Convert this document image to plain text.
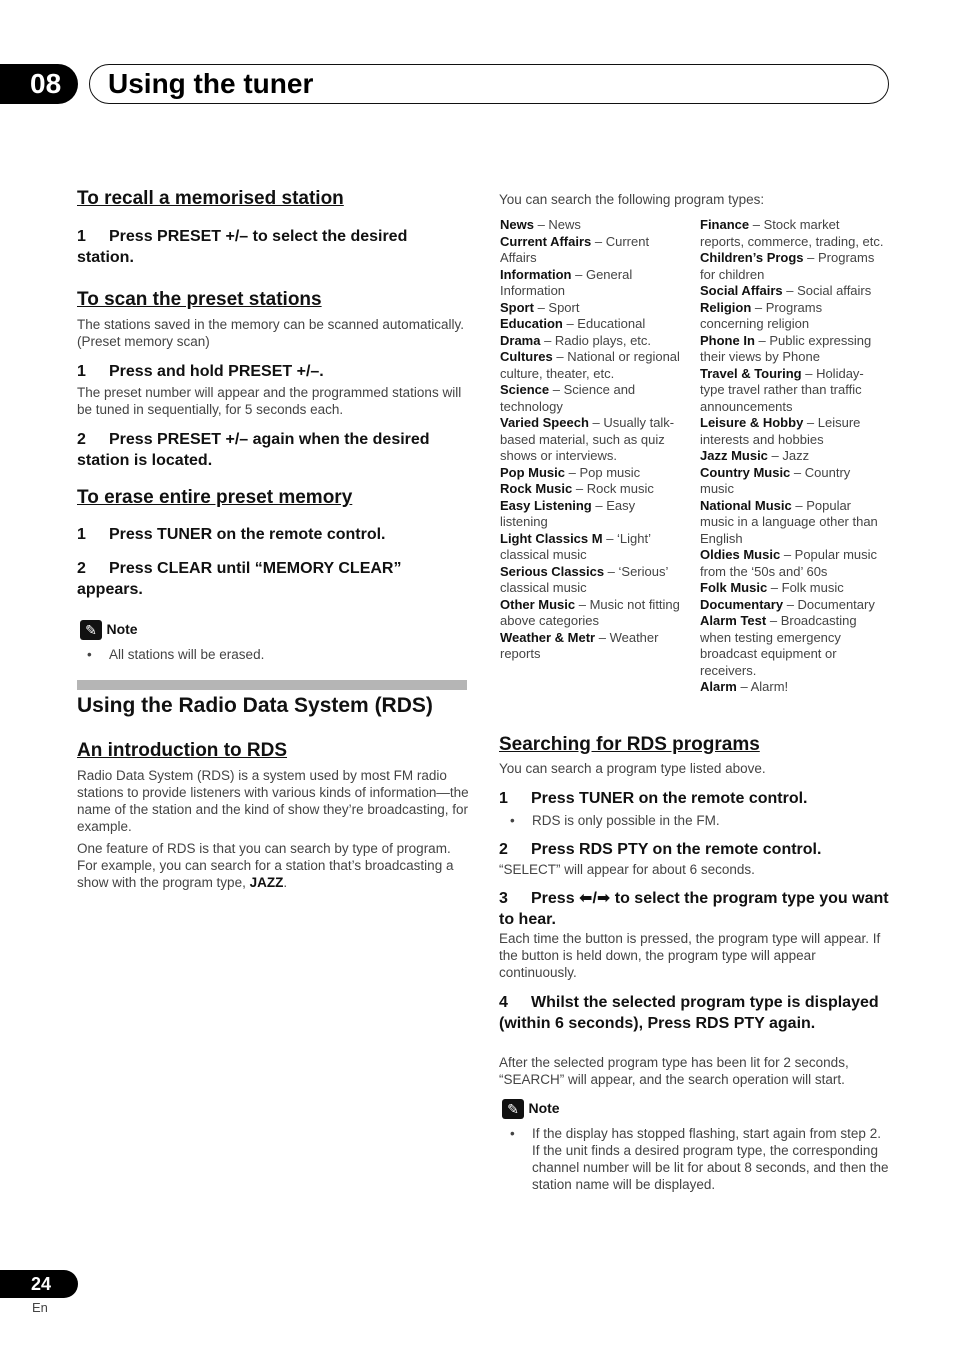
08	Using the tuner
To recall a memorised station
1 Press PRESET +/– to select the desired station.
To scan the preset stations
The stations saved in the memory can be scanned automatically. (Preset memory scan)
1 Press and hold PRESET +/–.
The preset number will appear and the programmed stations will be tuned in sequentially, for 5 seconds each.
2 Press PRESET +/– again when the desired station is located.
To erase entire preset memory
1 Press TUNER on the remote control.
2 Press CLEAR until “MEMORY CLEAR” appears.
✎ Note
• All stations will be erased.
Using the Radio Data System (RDS)
An introduction to RDS
Radio Data System (RDS) is a system used by most FM radio stations to provide listeners with various kinds of information—the name of the station and the kind of show they’re broadcasting, for example.
One feature of RDS is that you can search by type of program. For example, you can search for a station that’s broadcasting a show with the program type, JAZZ.
You can search the following program types:
News – News
Current Affairs – Current Affairs
Information – General Information
Sport – Sport
Education – Educational
Drama – Radio plays, etc.
Cultures – National or regional culture, theater, etc.
Science – Science and technology
Varied Speech – Usually talk-based material, such as quiz shows or interviews.
Pop Music – Pop music
Rock Music – Rock music
Easy Listening – Easy listening
Light Classics M – ‘Light’ classical music
Serious Classics – ‘Serious’ classical music
Other Music – Music not fitting above categories
Weather & Metr – Weather reports
Finance – Stock market reports, commerce, trading, etc.
Children’s Progs – Programs for children
Social Affairs – Social affairs
Religion – Programs concerning religion
Phone In – Public expressing their views by Phone
Travel & Touring – Holiday-type travel rather than traffic announcements
Leisure & Hobby – Leisure interests and hobbies
Jazz Music – Jazz
Country Music – Country music
National Music – Popular music in a language other than English
Oldies Music – Popular music from the ‘50s and’ 60s
Folk Music – Folk music
Documentary – Documentary
Alarm Test – Broadcasting when testing emergency broadcast equipment or receivers.
Alarm – Alarm!
Searching for RDS programs
You can search a program type listed above.
1 Press TUNER on the remote control.
• RDS is only possible in the FM.
2 Press RDS PTY on the remote control.
“SELECT” will appear for about 6 seconds.
3 Press ⬅/➡ to select the program type you want to hear.
Each time the button is pressed, the program type will appear. If the button is held down, the program type will appear continuously.
4 Whilst the selected program type is displayed (within 6 seconds), Press RDS PTY again.
After the selected program type has been lit for 2 seconds, “SEARCH” will appear, and the search operation will start.
✎ Note
•	If the display has stopped flashing, start again from step 2. If the unit finds a desired program type, the corresponding channel number will be lit for about 8 seconds, and then the station name will be displayed.
24
En
